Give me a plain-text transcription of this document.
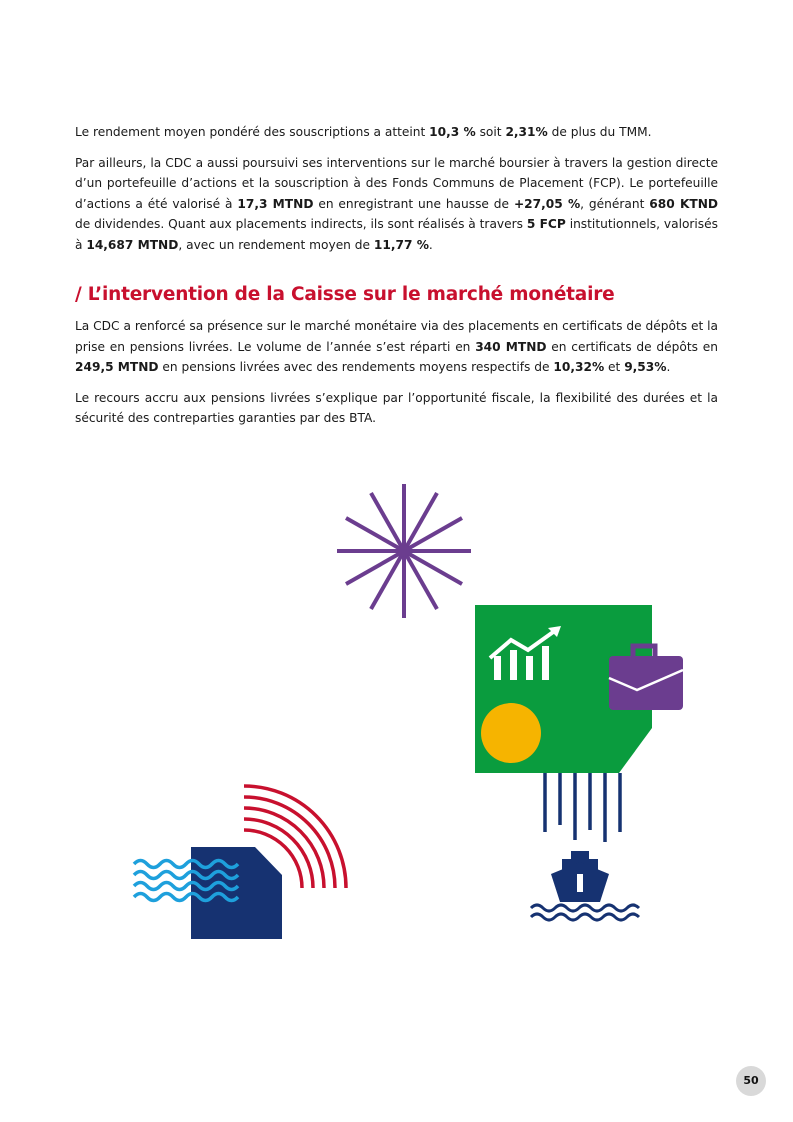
Le rendement moyen pondéré des souscriptions a atteint 10,3 % soit 2,31% de plus du TMM.

Par ailleurs, la CDC a aussi poursuivi ses interventions sur le marché boursier à travers la gestion directe d’un portefeuille d’actions et la souscription à des Fonds Communs de Placement (FCP). Le portefeuille d’actions a été valorisé à 17,3 MTND en enregistrant une hausse de +27,05 %, générant 680 KTND de dividendes. Quant aux placements indirects, ils sont réalisés à travers 5 FCP institutionnels, valorisés à 14,687 MTND, avec un rendement moyen de 11,77 %.

/ L’intervention de la Caisse sur le marché monétaire

La CDC a renforcé sa présence sur le marché monétaire via des placements en certificats de dépôts et la prise en pensions livrées. Le volume de l’année s’est réparti en 340 MTND en certificats de dépôts en 249,5 MTND en pensions livrées avec des rendements moyens respectifs de 10,32% et 9,53%.

Le recours accru aux pensions livrées s’explique par l’opportunité fiscale, la flexibilité des durées et la sécurité des contreparties garanties par des BTA.

50
